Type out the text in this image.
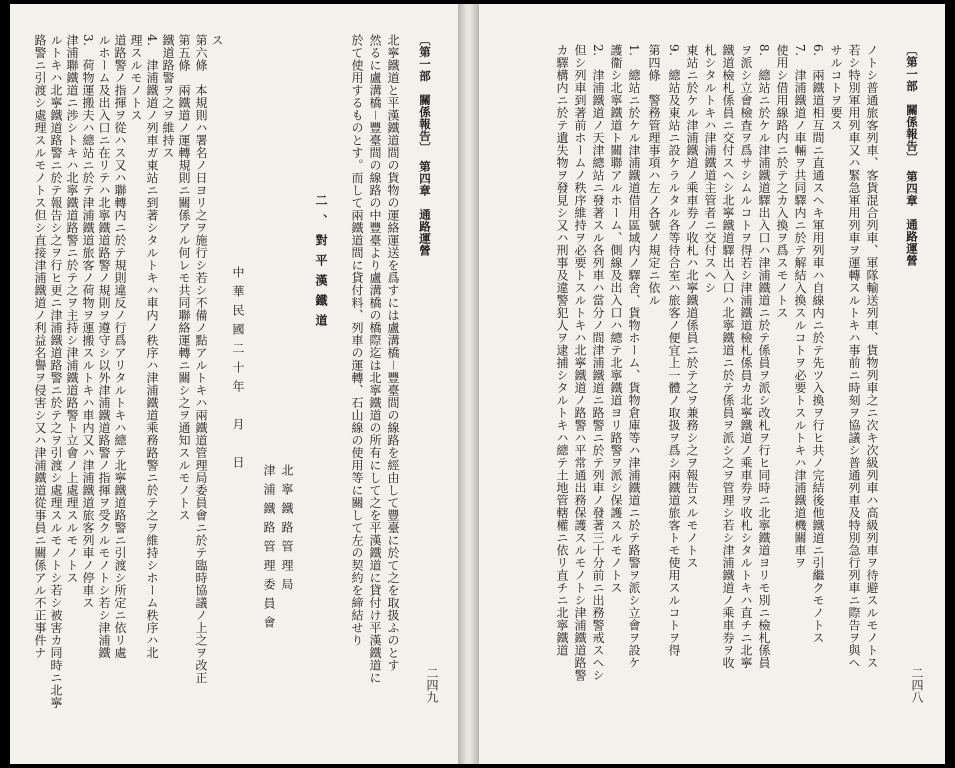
〔第一部　關係報告〕　第四章　通路運營
二四九
北寧鐵道と平漢鐵道間の貨物の運絡運送を爲すには盧溝橋－豐臺間の線路を經由して豐臺に於て之を取扱ふのとす
然るに盧溝橋－豐臺間の線路の中豐臺より盧溝橋の橋際迄は北寧鐵道の所有にして之を平漢鐵道に貸付け平漢鐵道に
於て使用するものとす。而して兩鐵道間に貸付料、列車の運轉、石山線の使用等に關して左の契約を締結せり
二、對平漢鐵道
北寧鐵路管理局
津浦鐵路管理委員會
中華民國二十年　月　日
ス
第六條　本規則ハ署名ノ日ヨリ之ヲ施行シ若シ不備ノ點アルトキハ兩鐵道管理局委員會ニ於テ臨時協議ノ上之ヲ改正
第五條　兩鐵道ノ運轉規則ニ關係アル何レモ共同聯絡運轉ニ關シ之ヲ通知スルモノトス
鐵道路警ヲ之ヲ維持ス
4.　津浦鐵道ノ列車ガ東站ニ到著シタルトキハ車内ノ秩序ハ津浦鐵道乘務路警ニ於テ之ヲ維持シホーム秩序ハ北
理スルモノトス
道路警ノ指揮ヲ從ハス又ハ聯轉内ニ於テ規則違反ノ行爲アリタルトキハ總テ北寧鐵道路警ニ引渡シ所定ニ依リ處
ルホーム及出入口ニ在リテハ北寧鐵道路警ノ規則ヲ遵守シ以外津浦鐵道路警ノ指揮ヲ受クルモノトシ若シ津浦鐵
3.　荷物運搬夫ハ總站ニ於テ津浦鐵道旅客ノ荷物ヲ運搬スルトキハ車内又ハ津浦鐵道旅客列車ノ停車ス
津浦聯鐵道ニ渉シトキハ北寧鐵道路警ニ於テ之ヲ主持シ津浦鐵道路警ト立會ノ上處理スルモノトス
ルトキハ北寧鐵道路警ニ於テ報告シ之ヲ行ヒ更ニ津浦鐵道路警ニ於テ之ヲ引渡シ處理スルモノトシ若シ被害カ同時ニ北寧
路警ニ引渡シ處理スルモノトス但シ直接津浦鐵道ノ利益名譽ヲ侵害シ又ハ津浦鐵道從事員ニ關係アル不正事件ナ	〔第一部　關係報告〕　第四章　通路運營
二四八
ノトシ普通旅客列車、客貨混合列車、軍隊輸送列車、貨物列車之ニ次キ次級列車ハ高級列車ヲ待避スルモノトス
若シ特別軍用列車又ハ緊急軍用列車ヲ運轉スルトキハ事前ニ時刻ヲ協議シ普通列車及特別急行列車ニ際告ヲ與ヘ
サルコトヲ要ス
6.　兩鐵道相互間ニ直通スヘキ軍用列車ハ自線内ニ於テ先ツ入換ヲ行ヒ共ノ完結後他鐵道ニ引繼クモノトス
7.　津浦鐵道ノ車輛ヲ共同驛内ニ於テ解結入換スルコトヲ必要トスルトキハ津浦鐵道機關車ヲ
使用シ借用線路内ニ於テ之カ入換ヲ爲スモノトス
8.　總站ニ於ケル津浦鐵道驛出入口ハ津浦鐵道ニ於テ係員ヲ派シ改札ヲ行ヒ同時ニ北寧鐵道ヨリモ別ニ檢札係員
ヲ派シ立會檢査ヲ爲サシムルコトヲ得若シ津浦鐵道檢札係員カ北寧鐵道ノ乘車券ヲ收札シタルトキハ直チニ北寧
鐵道檢札係員ニ交付スヘシ北寧鐵道驛出入口ハ北寧鐵道ニ於テ係員ヲ派シ之ヲ管理シ若シ津浦鐵道ノ乘車券ヲ收
札シタルトキハ津浦鐵道主管者ニ交付スヘシ
東站ニ於ケル津浦鐵道ノ乘車券ノ收札ハ北寧鐵道係員ニ於テ之ヲ兼務シ之ヲ報告スルモノトス
9.　總站及東站ニ設ケラルタル各等待合室ハ旅客ノ便宜上一體ノ取扱ヲ爲シ兩鐵道旅客トモ使用スルコトヲ得
第四條　警務管理事項ハ左ノ各號ノ規定ニ依ル
1.　總站ニ於ケル津浦鐵道借用區域内ノ驛舍、貨物ホーム、貨物倉庫等ハ津浦鐵道ニ於テ路警ヲ派シ立會ヲ設ケ
護衞シ北寧鐵道ト關聯アルホーム、側線及出入口ハ總テ北寧鐵道ヨリ路警ヲ派シ保護スルモノトス
2.　津浦鐵道ノ天津總站ニ發著スル各列車ハ當分ノ間津浦鐵道ニ路警ニ於テ列車ノ發著三十分前ニ出務警戒スヘシ
但シ列車到著前ホームノ秩序維持ヲ必要トスルトキハ北寧鐵道ノ路警ハ平常通出務保護スルモノトシ津浦鐵道路警
カ驛構内ニ於テ遺失物ヲ發見シ又ハ刑事及違警犯人ヲ逮捕シタルトキハ總テ土地管轄權ニ依リ直チニ北寧鐵道
